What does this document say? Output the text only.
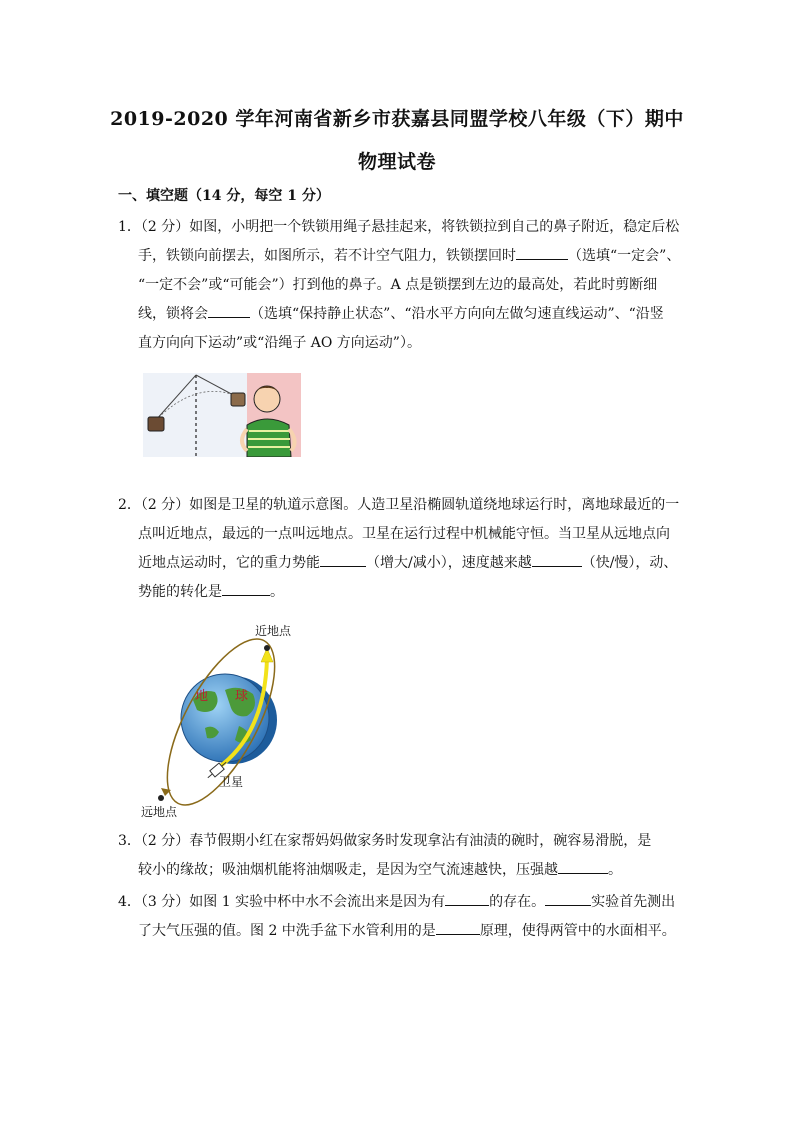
2019-2020 学年河南省新乡市获嘉县同盟学校八年级（下）期中
物理试卷
一、填空题（14 分，每空 1 分）
1．（2 分）如图，小明把一个铁锁用绳子悬挂起来，将铁锁拉到自己的鼻子附近，稳定后松
手，铁锁向前摆去，如图所示，若不计空气阻力，铁锁摆回时	（选填“一定会”、
“一定不会”或“可能会”）打到他的鼻子。A 点是锁摆到左边的最高处，若此时剪断细
线，锁将会	（选填“保持静止状态”、“沿水平方向向左做匀速直线运动”、“沿竖
直方向向下运动”或“沿绳子 AO 方向运动”）。
2．（2 分）如图是卫星的轨道示意图。人造卫星沿椭圆轨道绕地球运行时，离地球最近的一
点叫近地点，最远的一点叫远地点。卫星在运行过程中机械能守恒。当卫星从远地点向
近地点运动时，它的重力势能	（增大/减小），速度越来越	（快/慢），动、
势能的转化是	。
地 球
近地点
远地点
卫星
3．（2 分）春节假期小红在家帮妈妈做家务时发现拿沾有油渍的碗时，碗容易滑脱，是
较小的缘故；吸油烟机能将油烟吸走，是因为空气流速越快，压强越	。
4．（3 分）如图 1 实验中杯中水不会流出来是因为有	的存在。	实验首先测出
了大气压强的值。图 2 中洗手盆下水管利用的是	原理，使得两管中的水面相平。
